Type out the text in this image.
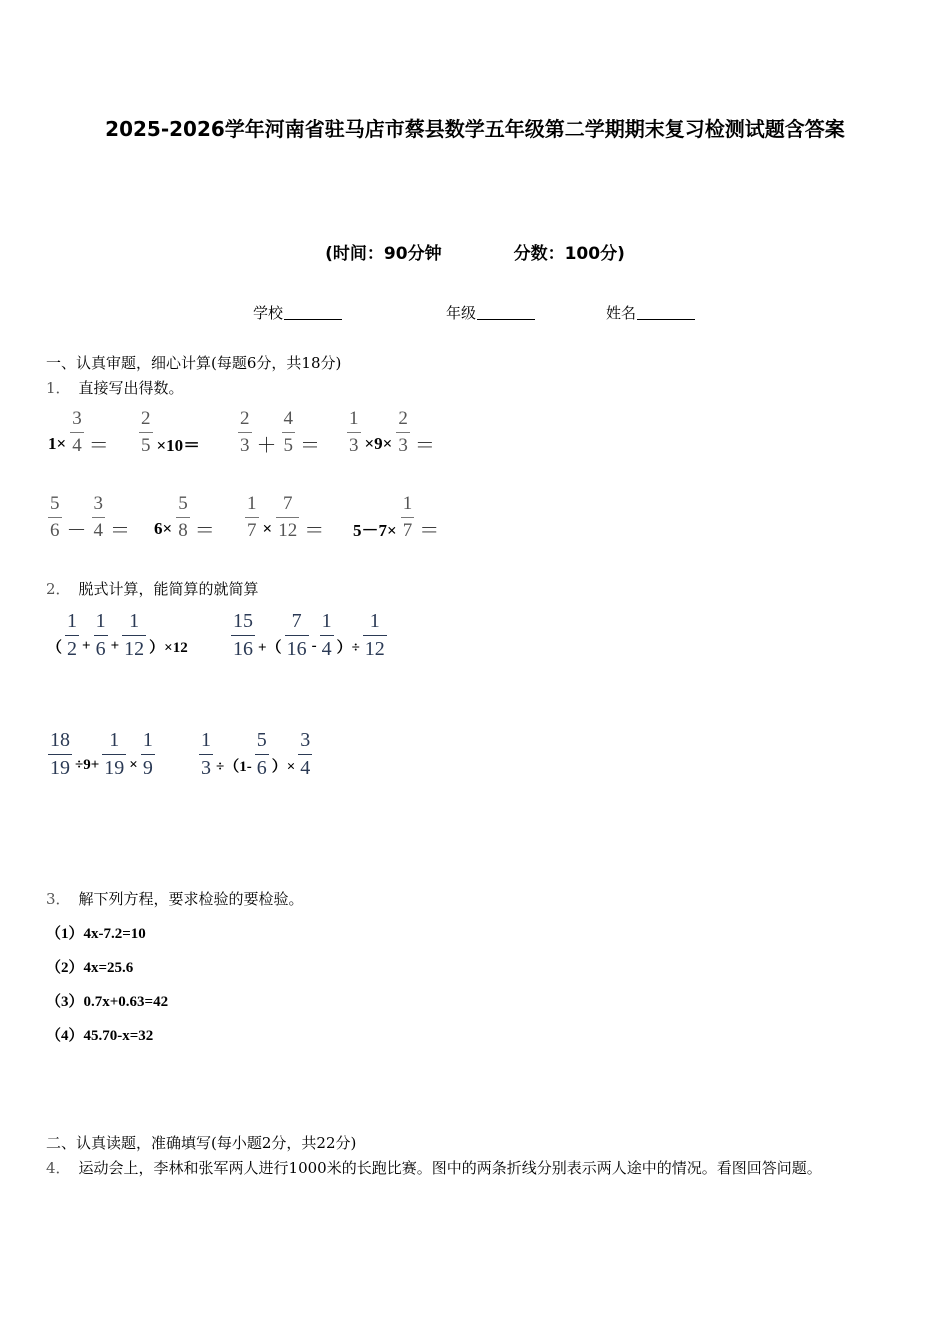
2025-2026学年河南省驻马店市蔡县数学五年级第二学期期末复习检测试题含答案
(时间：90分钟	分数：100分)
学校	年级	姓名
一、认真审题，细心计算(每题6分，共18分)
1． 直接写出得数。
$1\times \frac{3}{4} = \frac{2}{5} \times 10= \frac{2}{3} + \frac{4}{5} = \frac{1}{3} \times 9\times \frac{2}{3}$ ＝
$\frac{5}{6} - \frac{3}{4} = 6\times \frac{5}{8} = \frac{1}{7} \times \frac{7}{12} = 5-7\times \frac{1}{7}$ ＝
2． 脱式计算，能简算的就简算
（ $\frac{1}{2} + \frac{1}{6} + \frac{1}{12} )\times 12 \frac{15}{16}$ +（ $\frac{7}{16} - \frac{1}{4}$ ）÷ $\frac{1}{12}$
$\frac{18}{19} \div 9+ \frac{1}{19} \times \frac{1}{9} \frac{1}{3} \div(1- \frac{5}{6}$ ）× $\frac{3}{4}$
3． 解下列方程，要求检验的要检验。
（1）4x-7.2=10
（2）4x=25.6
（3）0.7x+0.63=42
（4）45.70-x=32
二、认真读题，准确填写(每小题2分，共22分)
4． 运动会上，李林和张军两人进行1000米的长跑比赛。图中的两条折线分别表示两人途中的情况。看图回答问题。
